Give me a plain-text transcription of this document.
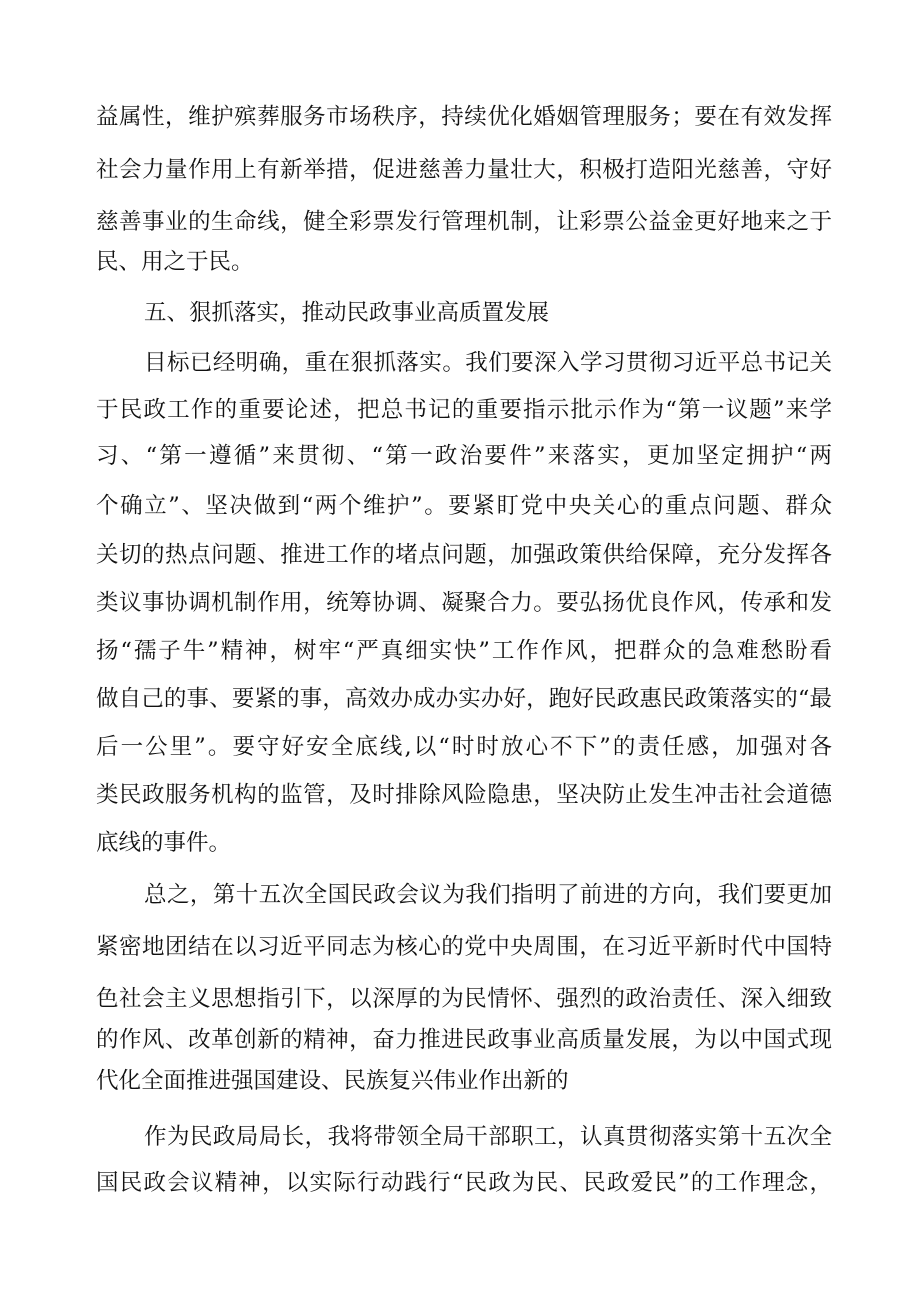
益属性，维护殡葬服务市场秩序，持续优化婚姻管理服务；要在有效发挥
社会力量作用上有新举措，促进慈善力量壮大，积极打造阳光慈善，守好
慈善事业的生命线，健全彩票发行管理机制，让彩票公益金更好地来之于
民、用之于民。
五、狠抓落实，推动民政事业高质置发展
目标已经明确，重在狠抓落实。我们要深入学习贯彻习近平总书记关
于民政工作的重要论述，把总书记的重要指示批示作为“第一议题”来学
习、“第一遵循”来贯彻、“第一政治要件”来落实，更加坚定拥护“两
个确立”、坚决做到“两个维护”。要紧盯党中央关心的重点问题、群众
关切的热点问题、推进工作的堵点问题，加强政策供给保障，充分发挥各
类议事协调机制作用，统筹协调、凝聚合力。要弘扬优良作风，传承和发
扬“孺子牛”精神，树牢“严真细实快”工作作风，把群众的急难愁盼看
做自己的事、要紧的事，高效办成办实办好，跑好民政惠民政策落实的“最
后一公里”。要守好安全底线,以“时时放心不下”的责任感，加强对各
类民政服务机构的监管，及时排除风险隐患，坚决防止发生冲击社会道德
底线的事件。
总之，第十五次全国民政会议为我们指明了前进的方向，我们要更加
紧密地团结在以习近平同志为核心的党中央周围，在习近平新时代中国特
色社会主义思想指引下，以深厚的为民情怀、强烈的政治责任、深入细致
的作风、改革创新的精神，奋力推进民政事业高质量发展，为以中国式现
代化全面推进强国建设、民族复兴伟业作出新的
作为民政局局长，我将带领全局干部职工，认真贯彻落实第十五次全
国民政会议精神，以实际行动践行“民政为民、民政爱民”的工作理念，
